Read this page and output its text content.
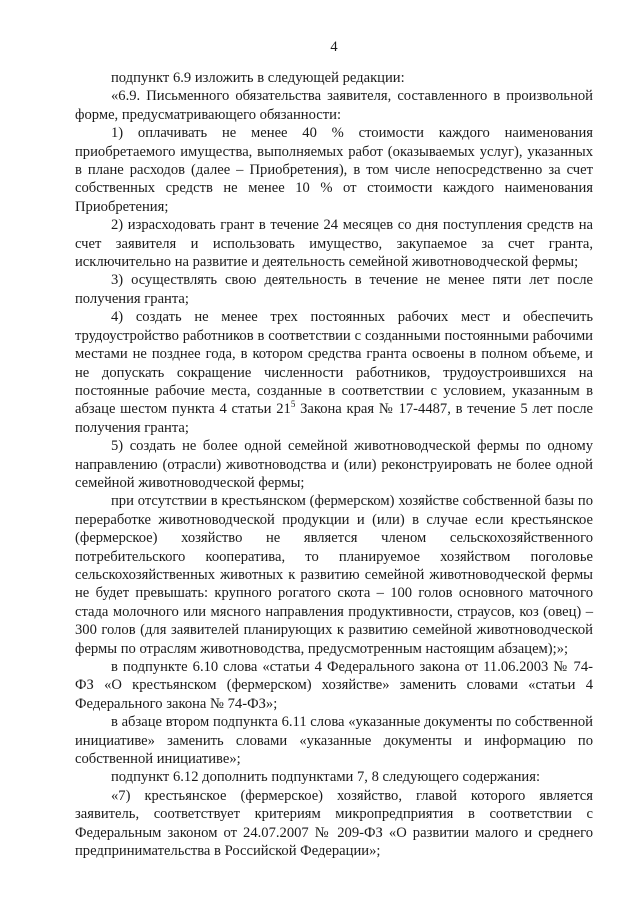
4

подпункт 6.9 изложить в следующей редакции:

«6.9. Письменного обязательства заявителя, составленного в произвольной форме, предусматривающего обязанности:

1) оплачивать не менее 40 % стоимости каждого наименования приобретаемого имущества, выполняемых работ (оказываемых услуг), указанных в плане расходов (далее – Приобретения), в том числе непосредственно за счет собственных средств не менее 10 % от стоимости каждого наименования Приобретения;

2) израсходовать грант в течение 24 месяцев со дня поступления средств на счет заявителя и использовать имущество, закупаемое за счет гранта, исключительно на развитие и деятельность семейной животноводческой фермы;

3) осуществлять свою деятельность в течение не менее пяти лет после получения гранта;

4) создать не менее трех постоянных рабочих мест и обеспечить трудоустройство работников в соответствии с созданными постоянными рабочими местами не позднее года, в котором средства гранта освоены в полном объеме, и не допускать сокращение численности работников, трудоустроившихся на постоянные рабочие места, созданные в соответствии с условием, указанным в абзаце шестом пункта 4 статьи $21^5$ Закона края № 17-4487, в течение 5 лет после получения гранта;

5) создать не более одной семейной животноводческой фермы по одному направлению (отрасли) животноводства и (или) реконструировать не более одной семейной животноводческой фермы;

при отсутствии в крестьянском (фермерском) хозяйстве собственной базы по переработке животноводческой продукции и (или) в случае если крестьянское (фермерское) хозяйство не является членом сельскохозяйственного потребительского кооператива, то планируемое хозяйством поголовье сельскохозяйственных животных к развитию семейной животноводческой фермы не будет превышать: крупного рогатого скота – 100 голов основного маточного стада молочного или мясного направления продуктивности, страусов, коз (овец) – 300 голов (для заявителей планирующих к развитию семейной животноводческой фермы по отраслям животноводства, предусмотренным настоящим абзацем);»;

в подпункте 6.10 слова «статьи 4 Федерального закона от 11.06.2003 № 74-ФЗ «О крестьянском (фермерском) хозяйстве» заменить словами «статьи 4 Федерального закона № 74-ФЗ»;

в абзаце втором подпункта 6.11 слова «указанные документы по собственной инициативе» заменить словами «указанные документы и информацию по собственной инициативе»;

подпункт 6.12 дополнить подпунктами 7, 8 следующего содержания:

«7) крестьянское (фермерское) хозяйство, главой которого является заявитель, соответствует критериям микропредприятия в соответствии с Федеральным законом от 24.07.2007 № 209-ФЗ «О развитии малого и среднего предпринимательства в Российской Федерации»;
